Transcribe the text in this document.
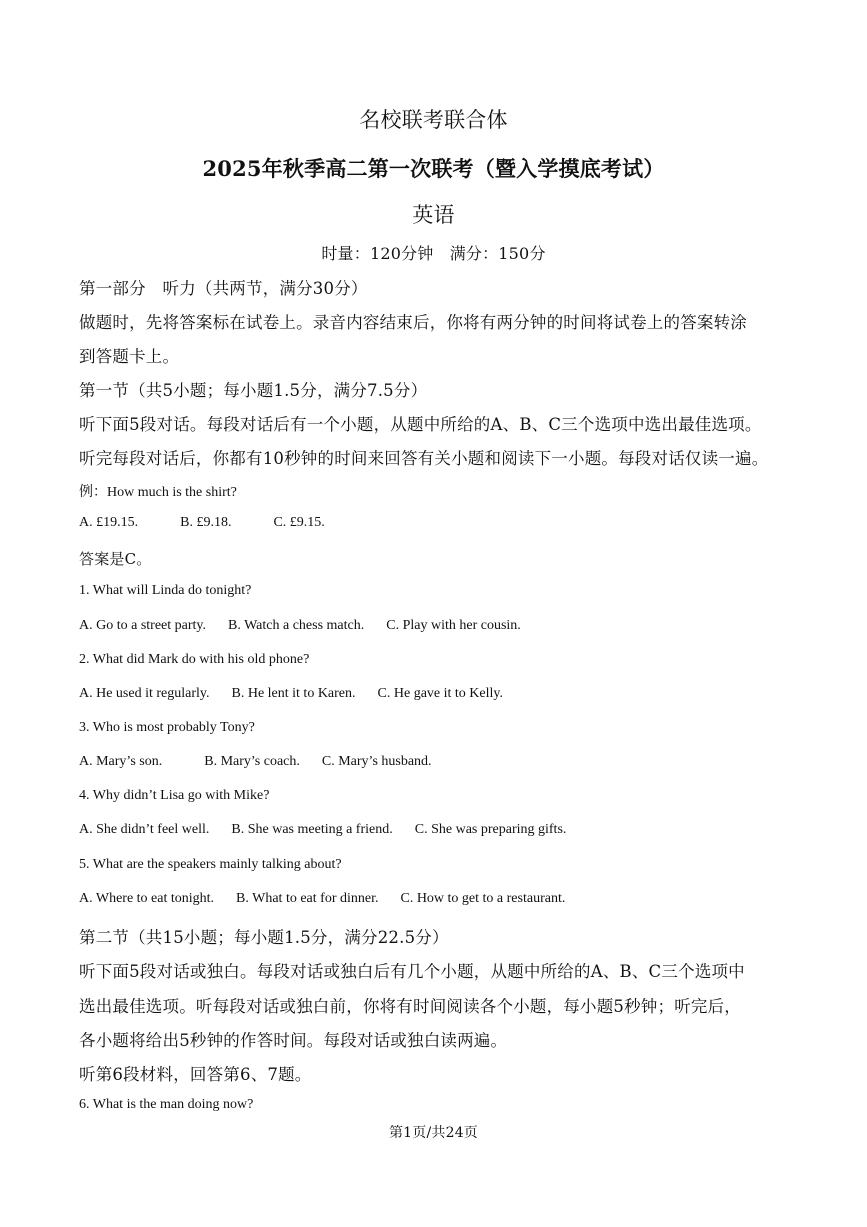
名校联考联合体
2025年秋季高二第一次联考（暨入学摸底考试）
英语
时量：120分钟　满分：150分
第一部分　听力（共两节，满分30分）
做题时，先将答案标在试卷上。录音内容结束后，你将有两分钟的时间将试卷上的答案转涂
到答题卡上。
第一节（共5小题；每小题1.5分，满分7.5分）
听下面5段对话。每段对话后有一个小题，从题中所给的A、B、C三个选项中选出最佳选项。
听完每段对话后，你都有10秒钟的时间来回答有关小题和阅读下一小题。每段对话仅读一遍。
例：How much is the shirt?
A. £19.15.	B. £9.18.	C. £9.15.
答案是C。
1. What will Linda do tonight?
A. Go to a street party. B. Watch a chess match. C. Play with her cousin.
2. What did Mark do with his old phone?
A. He used it regularly. B. He lent it to Karen. C. He gave it to Kelly.
3. Who is most probably Tony?
A. Mary’s son.	B. Mary’s coach. C. Mary’s husband.
4. Why didn’t Lisa go with Mike?
A. She didn’t feel well. B. She was meeting a friend. C. She was preparing gifts.
5. What are the speakers mainly talking about?
A. Where to eat tonight. B. What to eat for dinner. C. How to get to a restaurant.
第二节（共15小题；每小题1.5分，满分22.5分）
听下面5段对话或独白。每段对话或独白后有几个小题，从题中所给的A、B、C三个选项中
选出最佳选项。听每段对话或独白前，你将有时间阅读各个小题，每小题5秒钟；听完后，
各小题将给出5秒钟的作答时间。每段对话或独白读两遍。
听第6段材料，回答第6、7题。
6. What is the man doing now?
第1页/共24页
